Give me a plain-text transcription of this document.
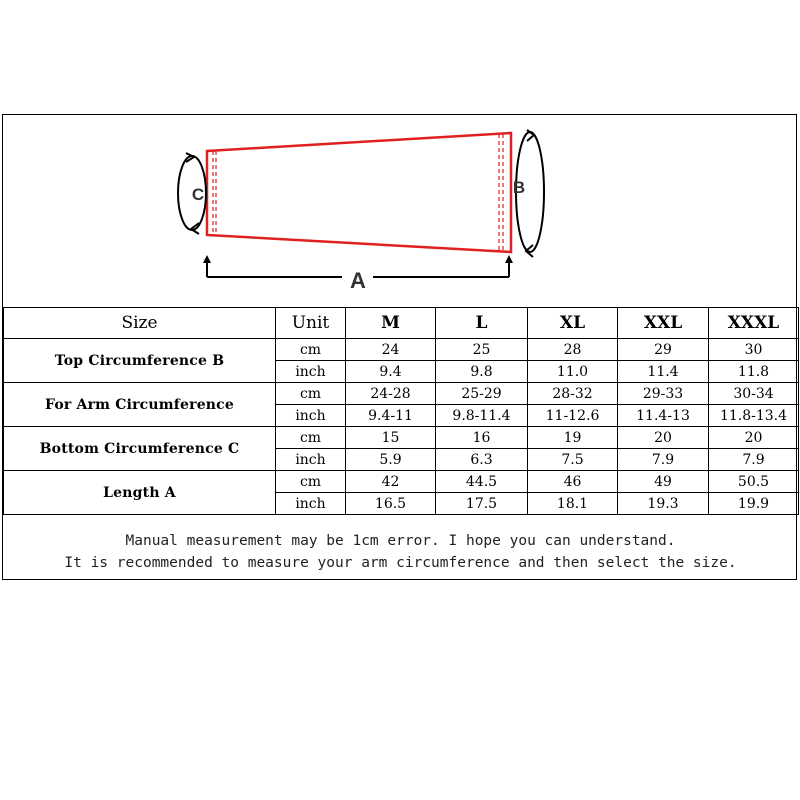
C	B
A
Size	Unit	M	L	XL	XXL	XXXL
Top Circumference B	cm	24	25	28	29	30
	inch	9.4	9.8	11.0	11.4	11.8
For Arm Circumference	cm	24-28	25-29	28-32	29-33	30-34
	inch	9.4-11	9.8-11.4	11-12.6	11.4-13	11.8-13.4
Bottom Circumference C	cm	15	16	19	20	20
	inch	5.9	6.3	7.5	7.9	7.9
Length A	cm	42	44.5	46	49	50.5
	inch	16.5	17.5	18.1	19.3	19.9
Manual measurement may be 1cm error. I hope you can understand.
It is recommended to measure your arm circumference and then select the size.
